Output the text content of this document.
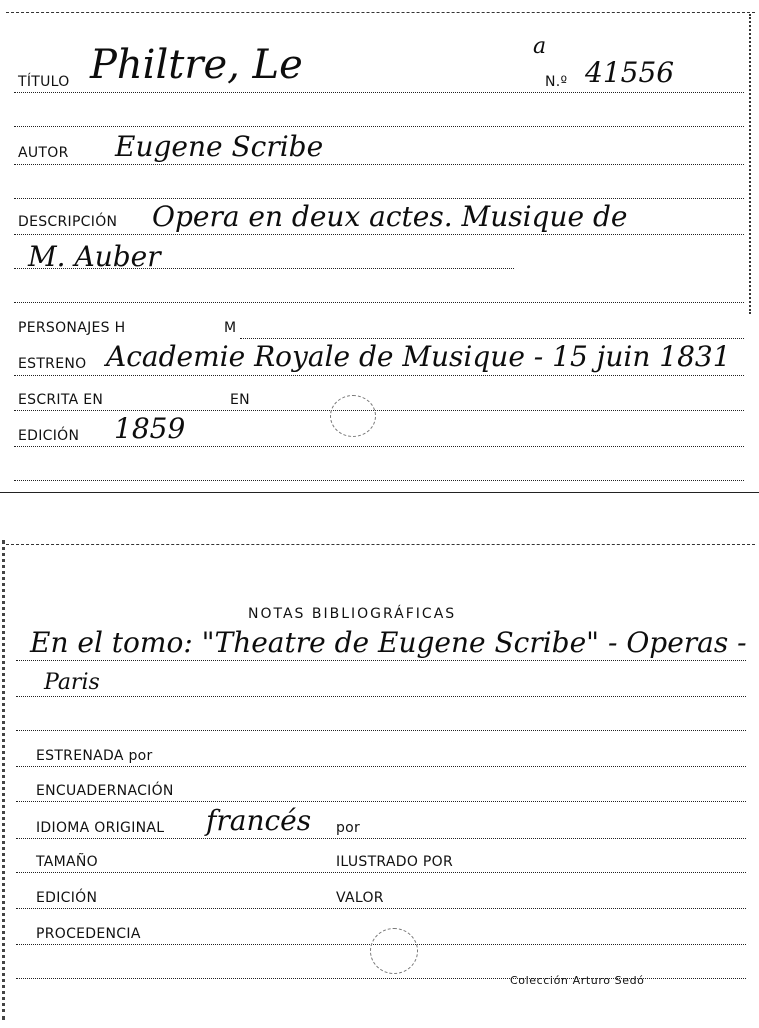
TÍTULO Philtre, Le	a
N.º 41556
AUTOR Eugene Scribe
DESCRIPCIÓN Opera en deux actes. Musique de
M. Auber
PERSONAJES H	M
ESTRENO Academie Royale de Musique - 15 juin 1831
ESCRITA EN	EN
EDICIÓN 1859
NOTAS BIBLIOGRÁFICAS
En el tomo: "Theatre de Eugene Scribe" - Operas -
Paris
ESTRENADA por
ENCUADERNACIÓN
IDIOMA ORIGINAL francés por
TAMAÑO	ILUSTRADO POR
EDICIÓN	VALOR
PROCEDENCIA
Colección Arturo Sedó
